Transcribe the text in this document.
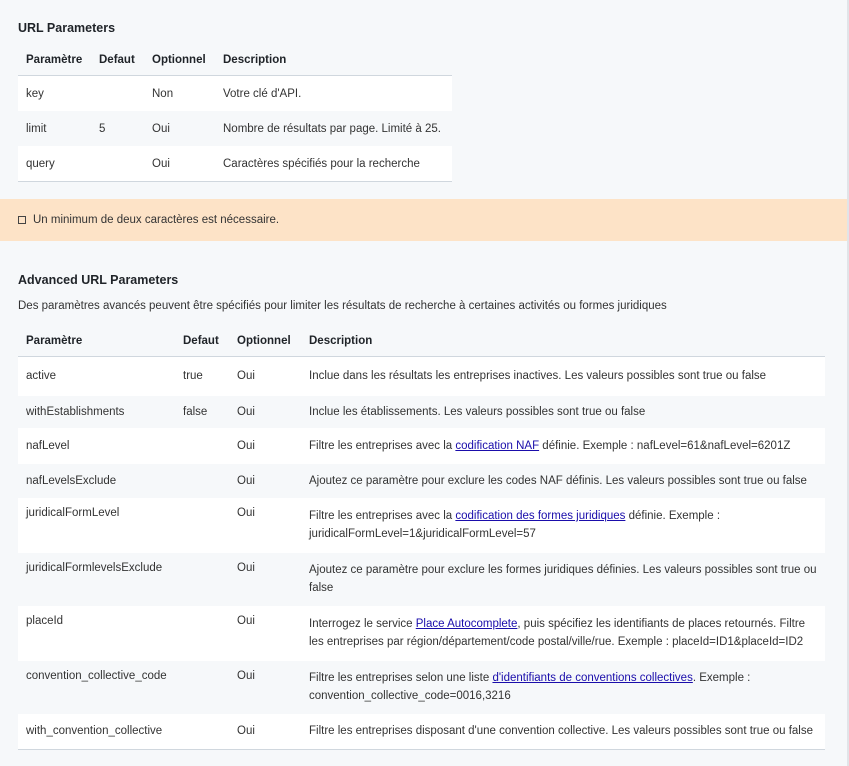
URL Parameters
Paramètre	Defaut	Optionnel	Description
key		Non	Votre clé d'API.
limit	5	Oui	Nombre de résultats par page. Limité à 25.
query		Oui	Caractères spécifiés pour la recherche
Un minimum de deux caractères est nécessaire.
Advanced URL Parameters
Des paramètres avancés peuvent être spécifiés pour limiter les résultats de recherche à certaines activités ou formes juridiques
Paramètre	Defaut	Optionnel	Description
active	true	Oui	Inclue dans les résultats les entreprises inactives. Les valeurs possibles sont true ou false
withEstablishments	false	Oui	Inclue les établissements. Les valeurs possibles sont true ou false
nafLevel		Oui	Filtre les entreprises avec la codification NAF définie. Exemple : nafLevel=61&nafLevel=6201Z
nafLevelsExclude		Oui	Ajoutez ce paramètre pour exclure les codes NAF définis. Les valeurs possibles sont true ou false
juridicalFormLevel		Oui	Filtre les entreprises avec la codification des formes juridiques définie. Exemple : juridicalFormLevel=1&juridicalFormLevel=57
juridicalFormlevelsExclude		Oui	Ajoutez ce paramètre pour exclure les formes juridiques définies. Les valeurs possibles sont true ou false
placeId		Oui	Interrogez le service Place Autocomplete, puis spécifiez les identifiants de places retournés. Filtre les entreprises par région/département/code postal/ville/rue. Exemple : placeId=ID1&placeId=ID2
convention_collective_code		Oui	Filtre les entreprises selon une liste d'identifiants de conventions collectives. Exemple : convention_collective_code=0016,3216
with_convention_collective		Oui	Filtre les entreprises disposant d'une convention collective. Les valeurs possibles sont true ou false
